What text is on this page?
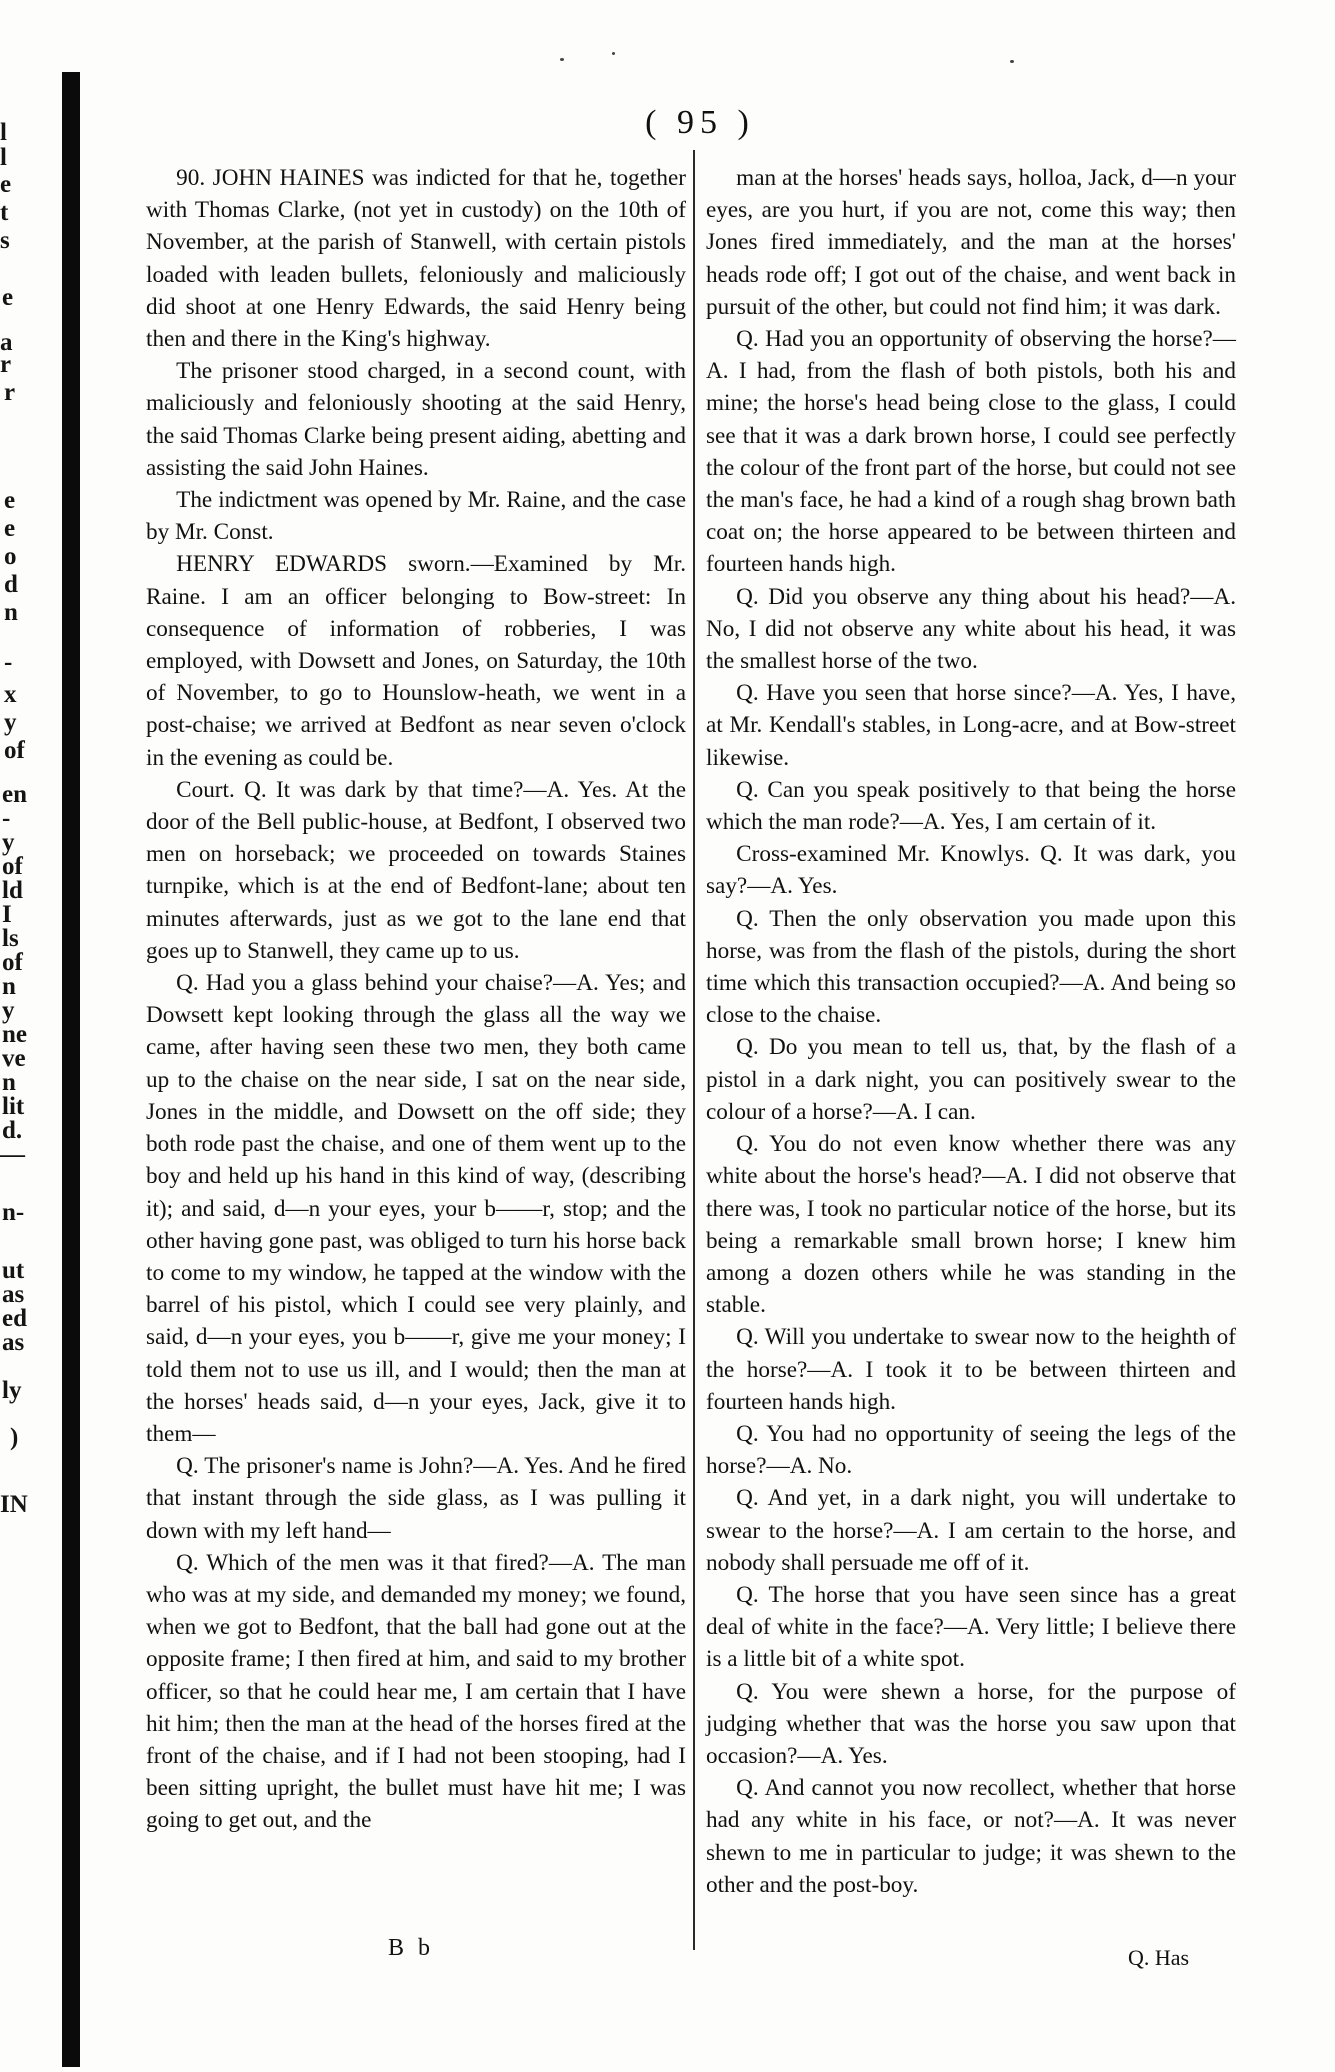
l
l
e
t
s
e
a
r
r
e
e
o
d
n
-
x
y
of
en
-
y
of
ld
I
ls
of
n
y
ne
ve
n
lit
d.
—
n-
ut
as
ed
as
ly
)
IN
( 95 )

90. JOHN HAINES was indicted for that he, together with Thomas Clarke, (not yet in custody) on the 10th of November, at the parish of Stanwell, with certain pistols loaded with leaden bullets, feloniously and maliciously did shoot at one Henry Edwards, the said Henry being then and there in the King's highway.

The prisoner stood charged, in a second count, with maliciously and feloniously shooting at the said Henry, the said Thomas Clarke being present aiding, abetting and assisting the said John Haines.

The indictment was opened by Mr. Raine, and the case by Mr. Const.

HENRY EDWARDS sworn.—Examined by Mr. Raine. I am an officer belonging to Bow-street: In consequence of information of robberies, I was employed, with Dowsett and Jones, on Saturday, the 10th of November, to go to Hounslow-heath, we went in a post-chaise; we arrived at Bedfont as near seven o'clock in the evening as could be.

Court. Q. It was dark by that time?—A. Yes. At the door of the Bell public-house, at Bedfont, I observed two men on horseback; we proceeded on towards Staines turnpike, which is at the end of Bedfont-lane; about ten minutes afterwards, just as we got to the lane end that goes up to Stanwell, they came up to us.

Q. Had you a glass behind your chaise?—A. Yes; and Dowsett kept looking through the glass all the way we came, after having seen these two men, they both came up to the chaise on the near side, I sat on the near side, Jones in the middle, and Dowsett on the off side; they both rode past the chaise, and one of them went up to the boy and held up his hand in this kind of way, (describing it); and said, d—n your eyes, your b——r, stop; and the other having gone past, was obliged to turn his horse back to come to my window, he tapped at the window with the barrel of his pistol, which I could see very plainly, and said, d—n your eyes, you b——r, give me your money; I told them not to use us ill, and I would; then the man at the horses' heads said, d—n your eyes, Jack, give it to them—

Q. The prisoner's name is John?—A. Yes. And he fired that instant through the side glass, as I was pulling it down with my left hand—

Q. Which of the men was it that fired?—A. The man who was at my side, and demanded my money; we found, when we got to Bedfont, that the ball had gone out at the opposite frame; I then fired at him, and said to my brother officer, so that he could hear me, I am certain that I have hit him; then the man at the head of the horses fired at the front of the chaise, and if I had not been stooping, had I been sitting upright, the bullet must have hit me; I was going to get out, and the

man at the horses' heads says, holloa, Jack, d—n your eyes, are you hurt, if you are not, come this way; then Jones fired immediately, and the man at the horses' heads rode off; I got out of the chaise, and went back in pursuit of the other, but could not find him; it was dark.

Q. Had you an opportunity of observing the horse?—A. I had, from the flash of both pistols, both his and mine; the horse's head being close to the glass, I could see that it was a dark brown horse, I could see perfectly the colour of the front part of the horse, but could not see the man's face, he had a kind of a rough shag brown bath coat on; the horse appeared to be between thirteen and fourteen hands high.

Q. Did you observe any thing about his head?—A. No, I did not observe any white about his head, it was the smallest horse of the two.

Q. Have you seen that horse since?—A. Yes, I have, at Mr. Kendall's stables, in Long-acre, and at Bow-street likewise.

Q. Can you speak positively to that being the horse which the man rode?—A. Yes, I am certain of it.

Cross-examined Mr. Knowlys. Q. It was dark, you say?—A. Yes.

Q. Then the only observation you made upon this horse, was from the flash of the pistols, during the short time which this transaction occupied?—A. And being so close to the chaise.

Q. Do you mean to tell us, that, by the flash of a pistol in a dark night, you can positively swear to the colour of a horse?—A. I can.

Q. You do not even know whether there was any white about the horse's head?—A. I did not observe that there was, I took no particular notice of the horse, but its being a remarkable small brown horse; I knew him among a dozen others while he was standing in the stable.

Q. Will you undertake to swear now to the heighth of the horse?—A. I took it to be between thirteen and fourteen hands high.

Q. You had no opportunity of seeing the legs of the horse?—A. No.

Q. And yet, in a dark night, you will undertake to swear to the horse?—A. I am certain to the horse, and nobody shall persuade me off of it.

Q. The horse that you have seen since has a great deal of white in the face?—A. Very little; I believe there is a little bit of a white spot.

Q. You were shewn a horse, for the purpose of judging whether that was the horse you saw upon that occasion?—A. Yes.

Q. And cannot you now recollect, whether that horse had any white in his face, or not?—A. It was never shewn to me in particular to judge; it was shewn to the other and the post-boy.

B b	Q. Has
